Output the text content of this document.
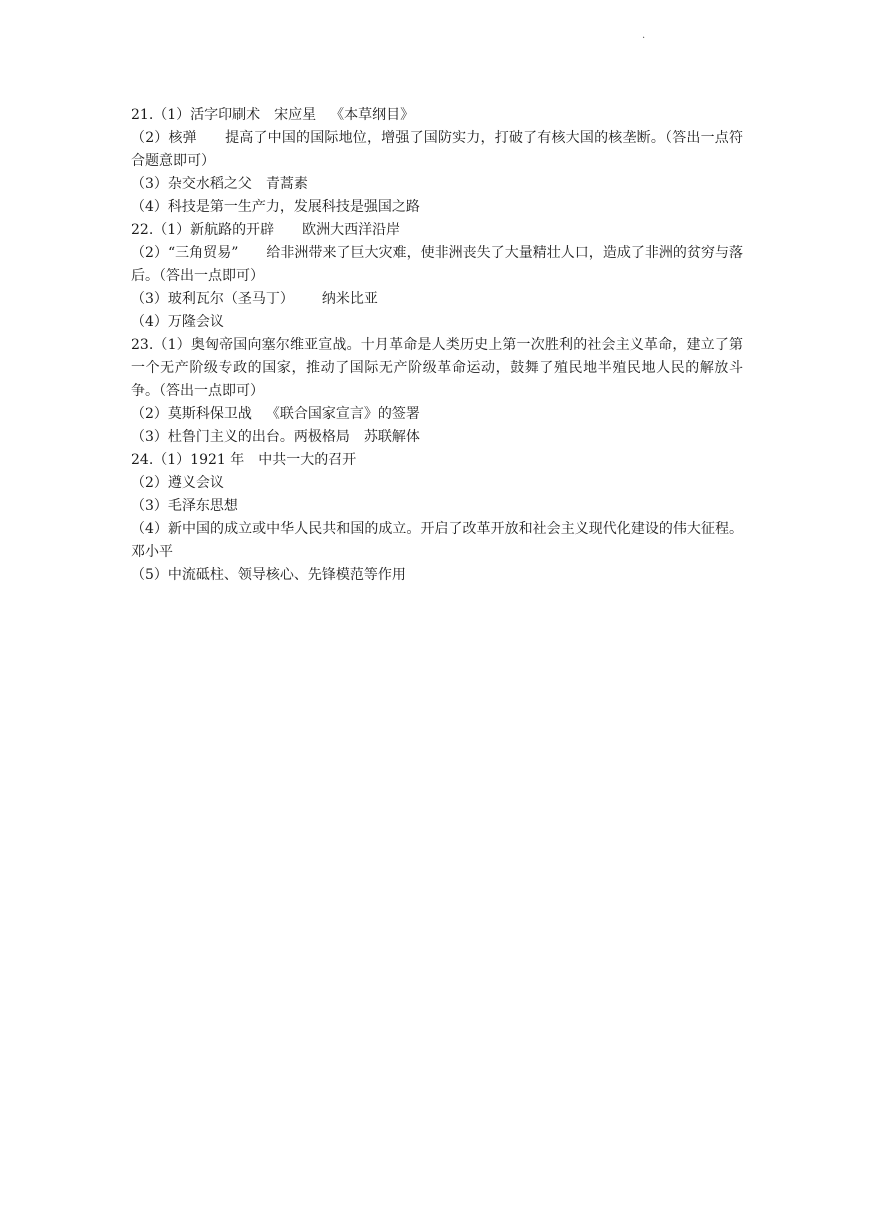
.
21.（1）活字印刷术 宋应星 《本草纲目》
（2）核弹 提高了中国的国际地位，增强了国防实力，打破了有核大国的核垄断。（答出一点符合题意即可）
（3）杂交水稻之父 青蒿素
（4）科技是第一生产力，发展科技是强国之路
22.（1）新航路的开辟 欧洲大西洋沿岸
（2）“三角贸易” 给非洲带来了巨大灾难，使非洲丧失了大量精壮人口，造成了非洲的贫穷与落后。（答出一点即可）
（3）玻利瓦尔（圣马丁） 纳米比亚
（4）万隆会议
23.（1）奥匈帝国向塞尔维亚宣战。十月革命是人类历史上第一次胜利的社会主义革命，建立了第一个无产阶级专政的国家，推动了国际无产阶级革命运动，鼓舞了殖民地半殖民地人民的解放斗争。（答出一点即可）
（2）莫斯科保卫战 《联合国家宣言》的签署
（3）杜鲁门主义的出台。两极格局 苏联解体
24.（1）1921 年 中共一大的召开
（2）遵义会议
（3）毛泽东思想
（4）新中国的成立或中华人民共和国的成立。开启了改革开放和社会主义现代化建设的伟大征程。邓小平
（5）中流砥柱、领导核心、先锋模范等作用
